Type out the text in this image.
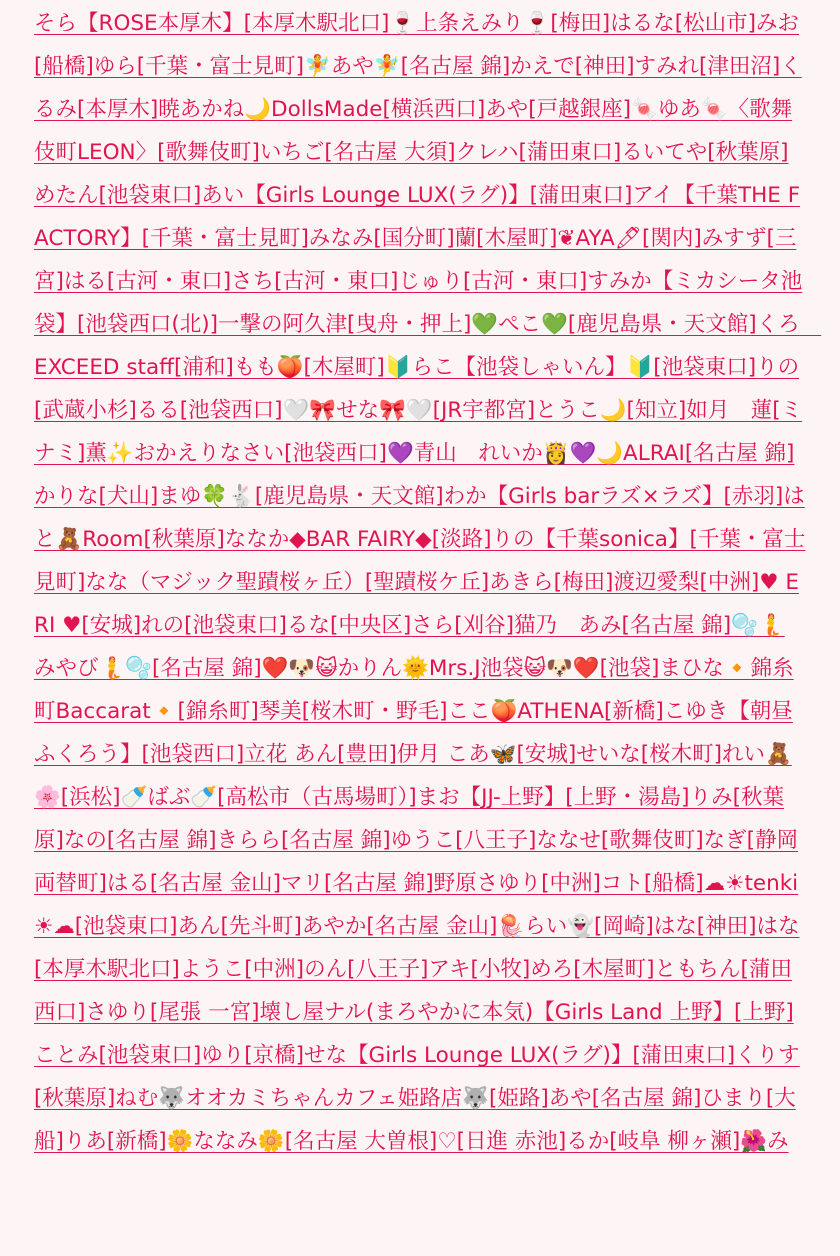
そら【ROSE本厚木】[本厚木駅北口]🍷上条えみり🍷[梅田]はるな[松山市]みお[船橋]ゆら[千葉・富士見町]🧚あや🧚[名古屋 錦]かえで[神田]すみれ[津田沼]くるみ[本厚木]暁あかね🌙DollsMade[横浜西口]あや[戸越銀座]🍬ゆあ🍬〈歌舞伎町LEON〉[歌舞伎町]いちご[名古屋 大須]クレハ[蒲田東口]るいてや[秋葉原]めたん[池袋東口]あい【Girls Lounge LUX(ラグ)】[蒲田東口]アイ【千葉THE FACTORY】[千葉・富士見町]みなみ[国分町]蘭[木屋町]❦AYA🖊[関内]みすず[三宮]はる[古河・東口]さち[古河・東口]じゅり[古河・東口]すみか【ミカシータ池袋】[池袋西口(北)]一撃の阿久津[曳舟・押上]💚ぺこ💚[鹿児島県・天文館]くろ　EXCEED staff[浦和]もも🍑[木屋町]🔰らこ【池袋しゃいん】🔰[池袋東口]りの[武蔵小杉]るる[池袋西口]🤍🎀せな🎀🤍[JR宇都宮]とうこ🌙[知立]如月　蓮[ミナミ]薫✨おかえりなさい[池袋西口]💜青山　れいか👸💜🌙ALRAI[名古屋 錦]かりな[犬山]まゆ🍀🐇[鹿児島県・天文館]わか【Girls barラズ×ラズ】[赤羽]はと🧸Room[秋葉原]ななか◆BAR FAIRY◆[淡路]りの【千葉sonica】[千葉・富士見町]なな（マジック聖蹟桜ヶ丘）[聖蹟桜ケ丘]あきら[梅田]渡辺愛梨[中洲]♥ ERI ♥[安城]れの[池袋東口]るな[中央区]さら[刈谷]猫乃　あみ[名古屋 錦]🫧🧜みやび🧜🫧[名古屋 錦]❤️🐶😺かりん🌞Mrs.J池袋😺🐶❤️[池袋]まひな🔸錦糸町Baccarat🔸[錦糸町]琴美[桜木町・野毛]ここ🍑ATHENA[新橋]こゆき【朝昼ふくろう】[池袋西口]立花 あん[豊田]伊月 こあ🦋[安城]せいな[桜木町]れい🧸🌸[浜松]🍼ばぶ🍼[高松市（古馬場町）]まお【JJ-上野】[上野・湯島]りみ[秋葉原]なの[名古屋 錦]きらら[名古屋 錦]ゆうこ[八王子]ななせ[歌舞伎町]なぎ[静岡 両替町]はる[名古屋 金山]マリ[名古屋 錦]野原さゆり[中洲]コト[船橋]☁☀tenki☀☁[池袋東口]あん[先斗町]あやか[名古屋 金山]🪼らい👻[岡崎]はな[神田]はな[本厚木駅北口]ようこ[中洲]のん[八王子]アキ[小牧]めろ[木屋町]ともちん[蒲田西口]さゆり[尾張 一宮]壊し屋ナル(まろやかに本気)【Girls Land 上野】[上野]ことみ[池袋東口]ゆり[京橋]せな【Girls Lounge LUX(ラグ)】[蒲田東口]くりす[秋葉原]ねむ🐺オオカミちゃんカフェ姫路店🐺[姫路]あや[名古屋 錦]ひまり[大船]りあ[新橋]🌼ななみ🌼[名古屋 大曽根]♡[日進 赤池]るか[岐阜 柳ヶ瀬]🌺み
